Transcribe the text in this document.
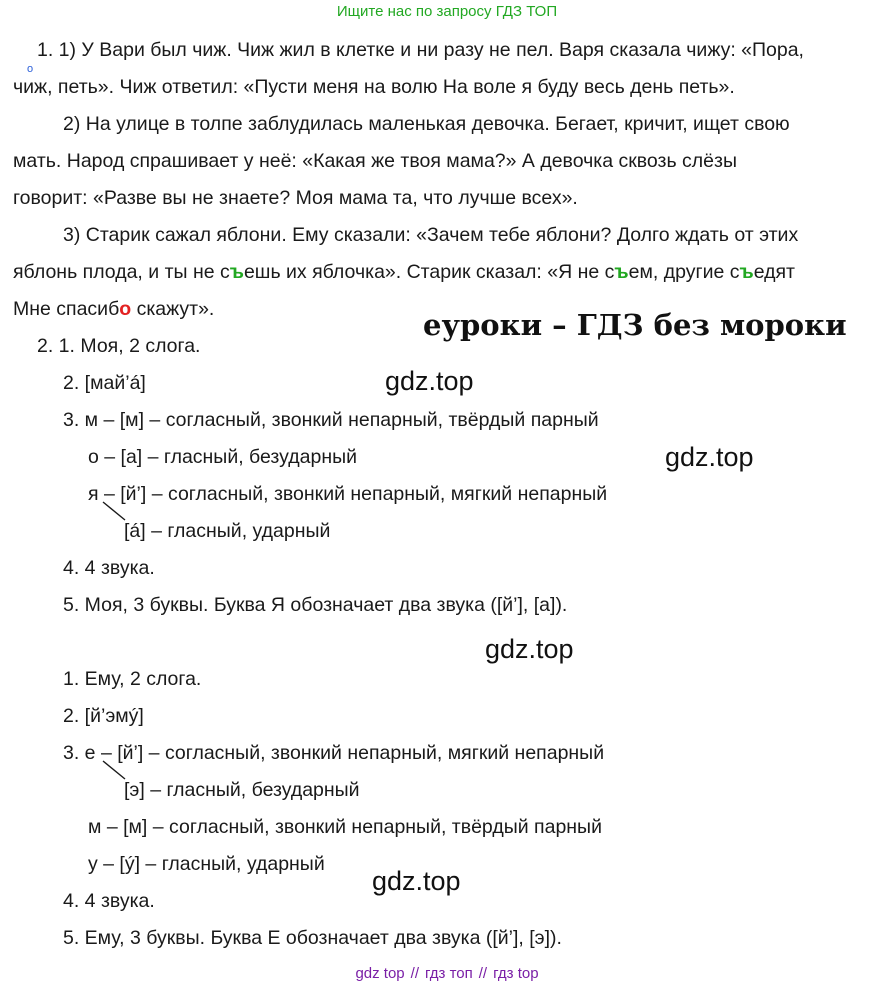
Ищите нас по запросу ГДЗ ТОП
o
1. 1) У Вари был чиж. Чиж жил в клетке и ни разу не пел. Варя сказала чижу: «Пора,
чиж, петь». Чиж ответил: «Пусти меня на волю На воле я буду весь день петь».
2) На улице в толпе заблудилась маленькая девочка. Бегает, кричит, ищет свою
мать. Народ спрашивает у неё: «Какая же твоя мама?» А девочка сквозь слёзы
говорит: «Разве вы не знаете? Моя мама та, что лучше всех».
3) Старик сажал яблони. Ему сказали: «Зачем тебе яблони? Долго ждать от этих
яблонь плода, и ты не съешь их яблочка». Старик сказал: «Я не съем, другие съедят
Мне спасибо скажут».	еуроки – ГДЗ без мороки
2. 1. Моя, 2 слога.
2. [май’á]	gdz.top
3. м – [м] – согласный, звонкий непарный, твёрдый парный
о – [а] – гласный, безударный	gdz.top
я – [й’] – согласный, звонкий непарный, мягкий непарный
[á] – гласный, ударный
4. 4 звука.
5. Моя, 3 буквы. Буква Я обозначает два звука ([й’], [а]).
gdz.top
1. Ему, 2 слога.
2. [й’эмý]
3. е – [й’] – согласный, звонкий непарный, мягкий непарный
[э] – гласный, безударный
м – [м] – согласный, звонкий непарный, твёрдый парный
у – [ý] – гласный, ударный
gdz.top
4. 4 звука.
5. Ему, 3 буквы. Буква Е обозначает два звука ([й’], [э]).
gdz top // гдз топ // гдз top
